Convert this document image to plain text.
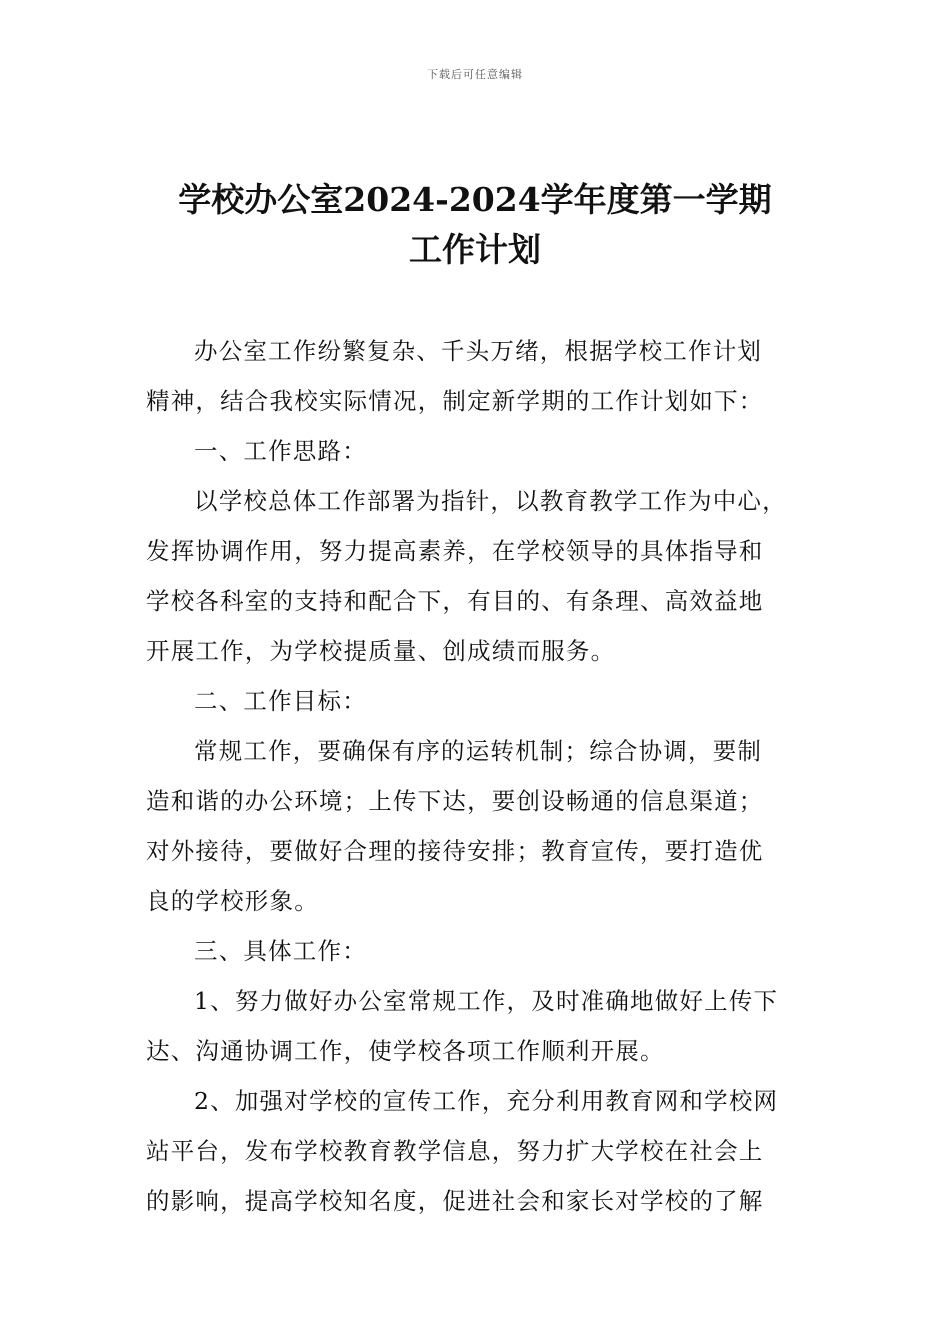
下载后可任意编辑
学校办公室2024-2024学年度第一学期
工作计划
办公室工作纷繁复杂、千头万绪，根据学校工作计划
精神，结合我校实际情况，制定新学期的工作计划如下：
一、工作思路：
以学校总体工作部署为指针，以教育教学工作为中心，
发挥协调作用，努力提高素养，在学校领导的具体指导和
学校各科室的支持和配合下，有目的、有条理、高效益地
开展工作，为学校提质量、创成绩而服务。
二、工作目标：
常规工作，要确保有序的运转机制；综合协调，要制
造和谐的办公环境；上传下达，要创设畅通的信息渠道；
对外接待，要做好合理的接待安排；教育宣传，要打造优
良的学校形象。
三、具体工作：
1、努力做好办公室常规工作，及时准确地做好上传下
达、沟通协调工作，使学校各项工作顺利开展。
2、加强对学校的宣传工作，充分利用教育网和学校网
站平台，发布学校教育教学信息，努力扩大学校在社会上
的影响，提高学校知名度，促进社会和家长对学校的了解
